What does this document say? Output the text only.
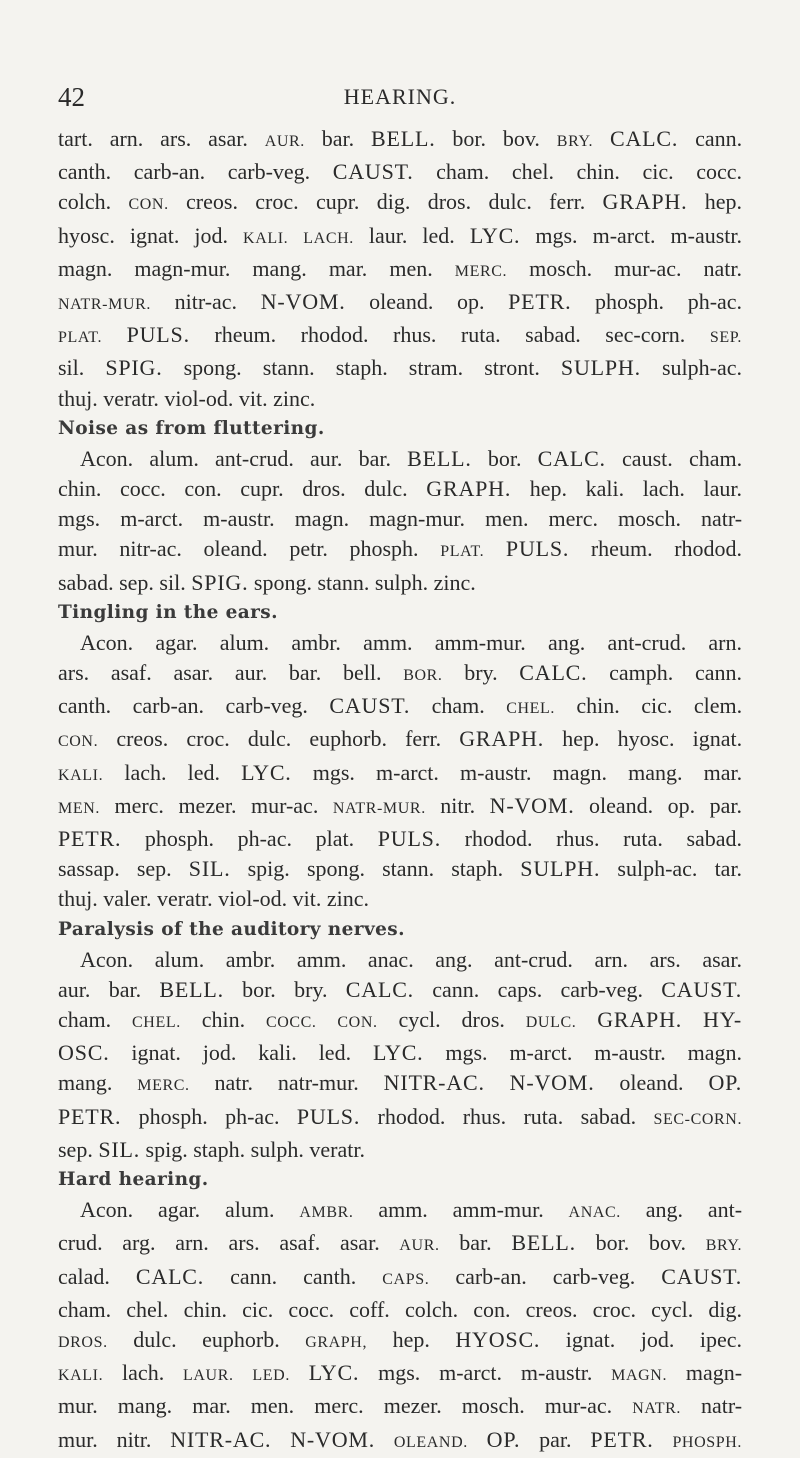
42	HEARING.
tart. arn. ars. asar. AUR. bar. BELL. bor. bov. BRY. CALC. cann.
canth. carb-an. carb-veg. CAUST. cham. chel. chin. cic. cocc.
colch. CON. creos. croc. cupr. dig. dros. dulc. ferr. GRAPH. hep.
hyosc. ignat. jod. KALI. LACH. laur. led. LYC. mgs. m-arct. m-austr.
magn. magn-mur. mang. mar. men. MERC. mosch. mur-ac. natr.
NATR-MUR. nitr-ac. N-VOM. oleand. op. PETR. phosph. ph-ac.
PLAT. PULS. rheum. rhodod. rhus. ruta. sabad. sec-corn. SEP.
sil. SPIG. spong. stann. staph. stram. stront. SULPH. sulph-ac.
thuj. veratr. viol-od. vit. zinc.
Noise as from fluttering.
Acon. alum. ant-crud. aur. bar. BELL. bor. CALC. caust. cham.
chin. cocc. con. cupr. dros. dulc. GRAPH. hep. kali. lach. laur.
mgs. m-arct. m-austr. magn. magn-mur. men. merc. mosch. natr-
mur. nitr-ac. oleand. petr. phosph. PLAT. PULS. rheum. rhodod.
sabad. sep. sil. SPIG. spong. stann. sulph. zinc.
Tingling in the ears.
Acon. agar. alum. ambr. amm. amm-mur. ang. ant-crud. arn.
ars. asaf. asar. aur. bar. bell. BOR. bry. CALC. camph. cann.
canth. carb-an. carb-veg. CAUST. cham. CHEL. chin. cic. clem.
CON. creos. croc. dulc. euphorb. ferr. GRAPH. hep. hyosc. ignat.
KALI. lach. led. LYC. mgs. m-arct. m-austr. magn. mang. mar.
MEN. merc. mezer. mur-ac. NATR-MUR. nitr. N-VOM. oleand. op. par.
PETR. phosph. ph-ac. plat. PULS. rhodod. rhus. ruta. sabad.
sassap. sep. SIL. spig. spong. stann. staph. SULPH. sulph-ac. tar.
thuj. valer. veratr. viol-od. vit. zinc.
Paralysis of the auditory nerves.
Acon. alum. ambr. amm. anac. ang. ant-crud. arn. ars. asar.
aur. bar. BELL. bor. bry. CALC. cann. caps. carb-veg. CAUST.
cham. CHEL. chin. COCC. CON. cycl. dros. DULC. GRAPH. HY-
OSC. ignat. jod. kali. led. LYC. mgs. m-arct. m-austr. magn.
mang. MERC. natr. natr-mur. NITR-AC. N-VOM. oleand. OP.
PETR. phosph. ph-ac. PULS. rhodod. rhus. ruta. sabad. SEC-CORN.
sep. SIL. spig. staph. sulph. veratr.
Hard hearing.
Acon. agar. alum. AMBR. amm. amm-mur. ANAC. ang. ant-
crud. arg. arn. ars. asaf. asar. AUR. bar. BELL. bor. bov. BRY.
calad. CALC. cann. canth. CAPS. carb-an. carb-veg. CAUST.
cham. chel. chin. cic. cocc. coff. colch. con. creos. croc. cycl. dig.
DROS. dulc. euphorb. GRAPH, hep. HYOSC. ignat. jod. ipec.
KALI. lach. LAUR. LED. LYC. mgs. m-arct. m-austr. MAGN. magn-
mur. mang. mar. men. merc. mezer. mosch. mur-ac. NATR. natr-
mur. nitr. NITR-AC. N-VOM. OLEAND. OP. par. PETR. PHOSPH.
